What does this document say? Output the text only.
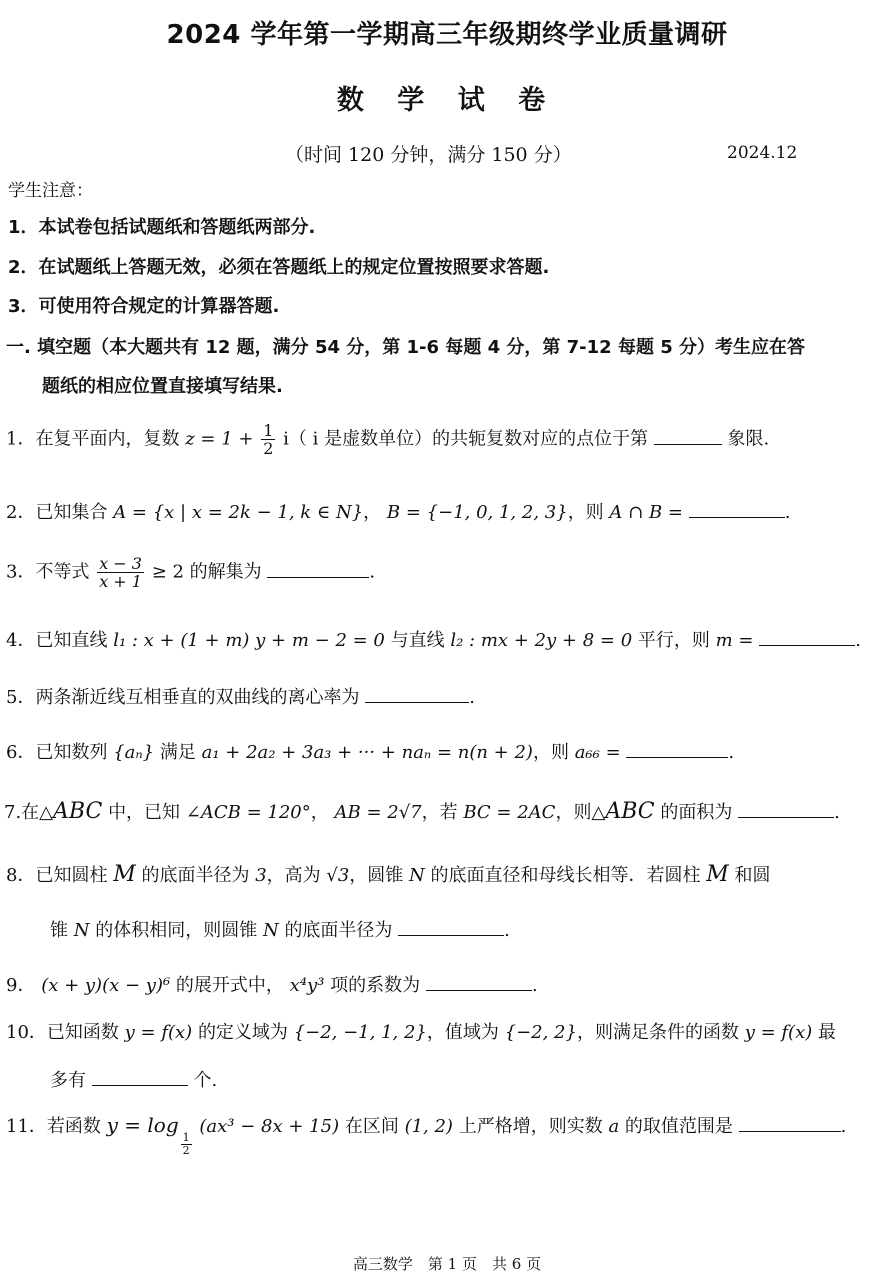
2024 学年第一学期高三年级期终学业质量调研
数 学 试 卷
（时间 120 分钟，满分 150 分）	2024.12
学生注意：
1．本试卷包括试题纸和答题纸两部分.
2．在试题纸上答题无效，必须在答题纸上的规定位置按照要求答题.
3．可使用符合规定的计算器答题.
一. 填空题（本大题共有 12 题，满分 54 分，第 1-6 每题 4 分，第 7-12 每题 5 分）考生应在答
题纸的相应位置直接填写结果.
1．在复平面内，复数 $z = 1 + \frac{1}{2} i$（ i 是虚数单位）的共轭复数对应的点位于第	象限.
2．已知集合 A = {x | x = 2k − 1, k ∈ N}， B = {−1, 0, 1, 2, 3}，则 A ∩ B =	.
3．不等式 $\frac{x - 3}{x + 1} \ge 2$ 的解集为	.
4．已知直线 l₁ : x + (1 + m) y + m − 2 = 0 与直线 l₂ : mx + 2y + 8 = 0 平行，则 m =	.
5．两条渐近线互相垂直的双曲线的离心率为	.
6．已知数列 {aₙ} 满足 a₁ + 2a₂ + 3a₃ + ··· + naₙ = n(n + 2)，则 a₆₆ =	.
7.在△ABC 中，已知 ∠ACB = 120°， AB = 2√7，若 BC = 2AC，则△ABC 的面积为	.
8．已知圆柱 M 的底面半径为 3，高为 √3，圆锥 N 的底面直径和母线长相等．若圆柱 M 和圆
锥 N 的体积相同，则圆锥 N 的底面半径为	.
9． (x + y)(x − y)⁶ 的展开式中， x⁴y³ 项的系数为	.
10．已知函数 y = f(x) 的定义域为 {−2, −1, 1, 2}，值域为 {−2, 2}，则满足条件的函数 y = f(x) 最
多有	个.
11．若函数 y = log
$\frac{1}{2}$
(ax³ − 8x + 15) 在区间 (1, 2) 上严格增，则实数 a 的取值范围是	.
高三数学　第 1 页　共 6 页
